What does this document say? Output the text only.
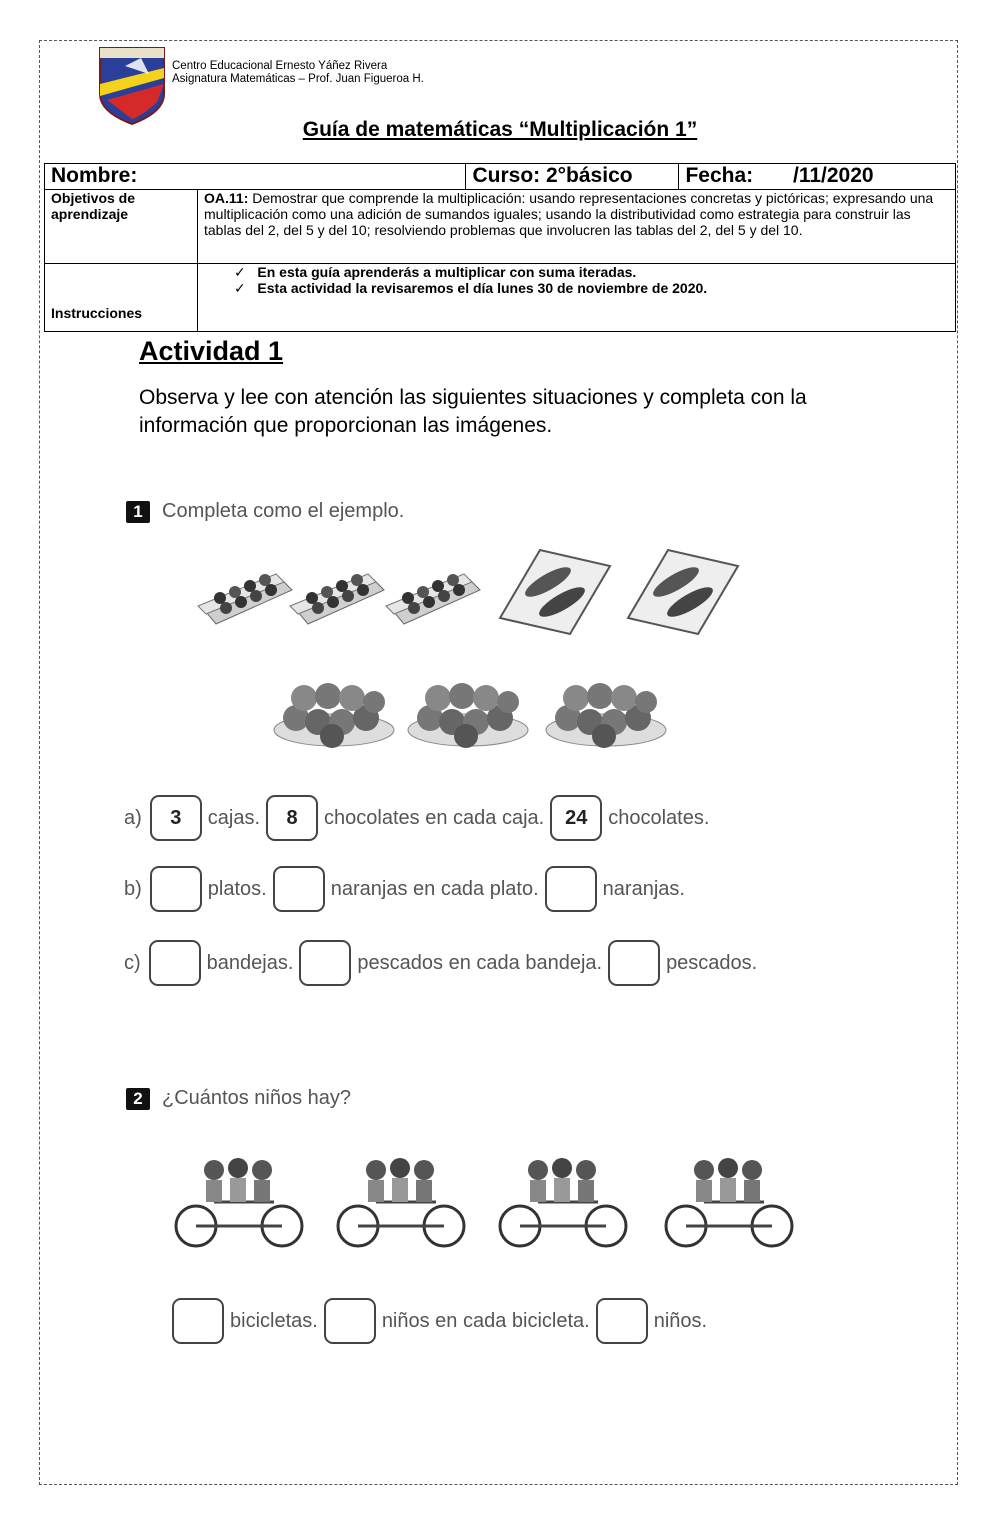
Centro Educacional Ernesto Yáñez Rivera
Asignatura Matemáticas – Prof. Juan Figueroa H.
Guía de matemáticas “Multiplicación 1”
Nombre:		Curso: 2°básico	Fecha: /11/2020
Objetivos de aprendizaje	OA.11: Demostrar que comprende la multiplicación: usando representaciones concretas y pictóricas; expresando una multiplicación como una adición de sumandos iguales; usando la distributividad como estrategia para construir las tablas del 2, del 5 y del 10; resolviendo problemas que involucren las tablas del 2, del 5 y del 10.		
Instrucciones	✓   En esta guía aprenderás a multiplicar con suma iteradas.
✓   Esta actividad la revisaremos el día lunes 30 de noviembre de 2020.		
Actividad 1
Observa y lee con atención las siguientes situaciones y completa con la información que proporcionan las imágenes.
1 Completa como el ejemplo.
a)	3	cajas.	8	chocolates en cada caja.	24	chocolates.
b)	platos.	naranjas en cada plato.	naranjas.
c)	bandejas.	pescados en cada bandeja.	pescados.
2 ¿Cuántos niños hay?
bicicletas.	niños en cada bicicleta.	niños.
